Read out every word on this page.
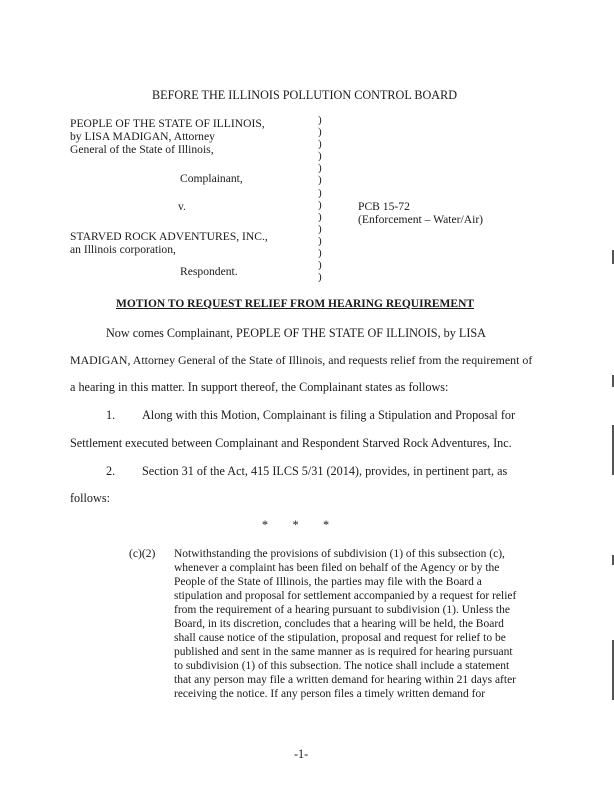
BEFORE THE ILLINOIS POLLUTION CONTROL BOARD
PEOPLE OF THE STATE OF ILLINOIS,
by LISA MADIGAN, Attorney
General of the State of Illinois,
Complainant,
v.
STARVED ROCK ADVENTURES, INC.,
an Illinois corporation,
Respondent.
)
)
)
)
)
)
)
)
)
)
)
)
)
)
PCB 15-72
(Enforcement – Water/Air)
MOTION TO REQUEST RELIEF FROM HEARING REQUIREMENT
Now comes Complainant, PEOPLE OF THE STATE OF ILLINOIS, by LISA
MADIGAN, Attorney General of the State of Illinois, and requests relief from the requirement of
a hearing in this matter. In support thereof, the Complainant states as follows:
1. Along with this Motion, Complainant is filing a Stipulation and Proposal for
Settlement executed between Complainant and Respondent Starved Rock Adventures, Inc.
2. Section 31 of the Act, 415 ILCS 5/31 (2014), provides, in pertinent part, as
follows:
*        *        *
(c)(2) Notwithstanding the provisions of subdivision (1) of this subsection (c),
whenever a complaint has been filed on behalf of the Agency or by the
People of the State of Illinois, the parties may file with the Board a
stipulation and proposal for settlement accompanied by a request for relief
from the requirement of a hearing pursuant to subdivision (1). Unless the
Board, in its discretion, concludes that a hearing will be held, the Board
shall cause notice of the stipulation, proposal and request for relief to be
published and sent in the same manner as is required for hearing pursuant
to subdivision (1) of this subsection. The notice shall include a statement
that any person may file a written demand for hearing within 21 days after
receiving the notice. If any person files a timely written demand for
-1-
